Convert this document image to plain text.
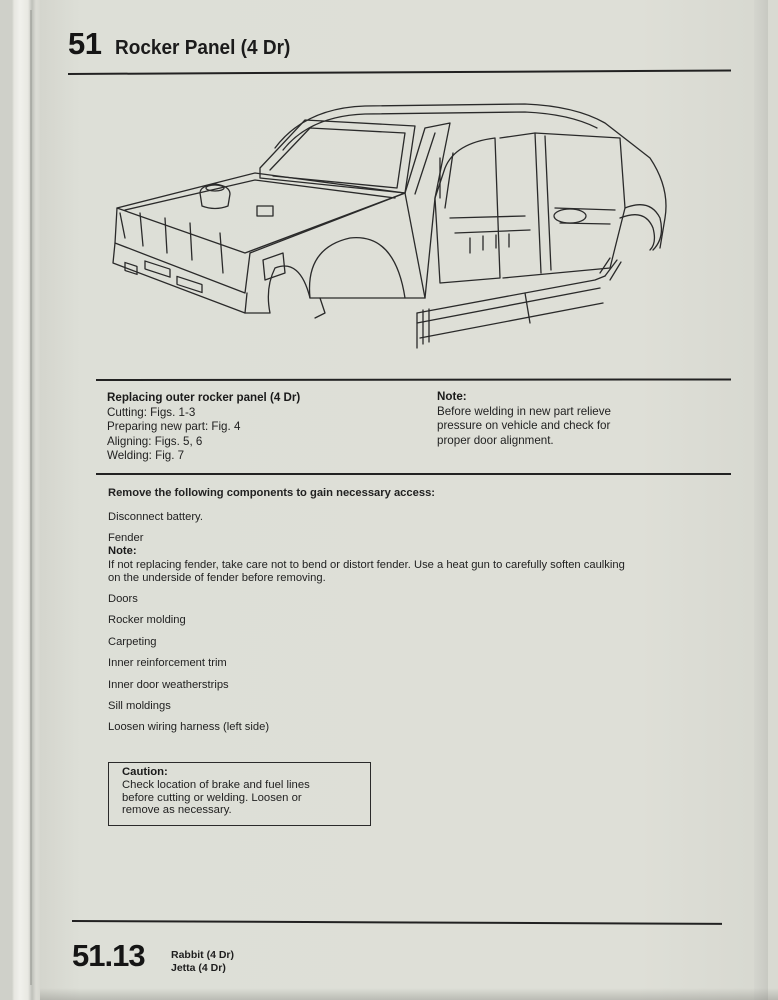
51 Rocker Panel (4 Dr)
Replacing outer rocker panel (4 Dr)
Cutting: Figs. 1-3
Preparing new part: Fig. 4
Aligning: Figs. 5, 6
Welding: Fig. 7
Note:
Before welding in new part relieve
pressure on vehicle and check for
proper door alignment.
Remove the following components to gain necessary access:
Disconnect battery.
Fender
Note:
If not replacing fender, take care not to bend or distort fender. Use a heat gun to carefully soften caulking
on the underside of fender before removing.
Doors
Rocker molding
Carpeting
Inner reinforcement trim
Inner door weatherstrips
Sill moldings
Loosen wiring harness (left side)
Caution:
Check location of brake and fuel lines
before cutting or welding. Loosen or
remove as necessary.
51.13	Rabbit (4 Dr)
Jetta (4 Dr)
